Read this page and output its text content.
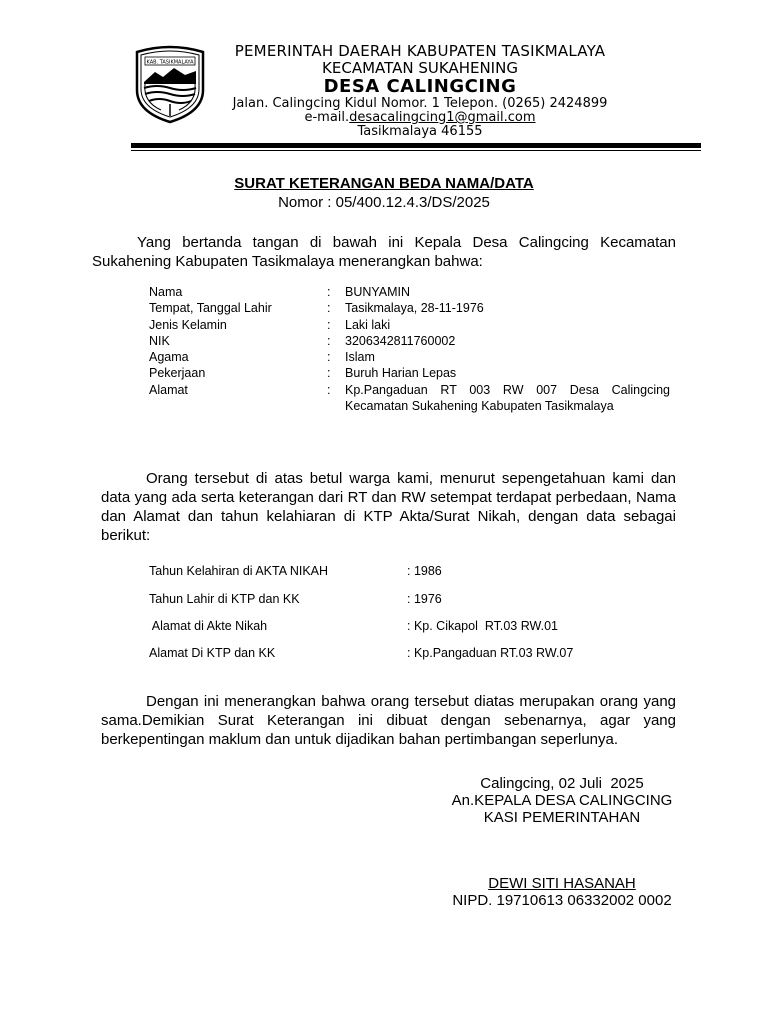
KAB. TASIKMALAYA
PEMERINTAH DAERAH KABUPATEN TASIKMALAYA
KECAMATAN SUKAHENING
DESA CALINGCING
Jalan. Calingcing Kidul Nomor. 1 Telepon. (0265) 2424899
e-mail.desacalingcing1@gmail.com
Tasikmalaya 46155
SURAT KETERANGAN BEDA NAMA/DATA
Nomor : 05/400.12.4.3/DS/2025
Yang bertanda tangan di bawah ini Kepala Desa Calingcing Kecamatan Sukahening Kabupaten Tasikmalaya menerangkan bahwa:
Nama	: BUNYAMIN
Tempat, Tanggal Lahir	: Tasikmalaya, 28-11-1976
Jenis Kelamin	: Laki laki
NIK	: 3206342811760002
Agama	: Islam
Pekerjaan	: Buruh Harian Lepas
Alamat	: Kp.Pangaduan RT 003 RW 007 Desa Calingcing Kecamatan Sukahening Kabupaten Tasikmalaya
Orang tersebut di atas betul warga kami, menurut sepengetahuan kami dan data yang ada serta keterangan dari RT dan RW setempat terdapat perbedaan, Nama dan Alamat dan tahun kelahiaran di KTP Akta/Surat Nikah, dengan data sebagai berikut:
Tahun Kelahiran di AKTA NIKAH	: 1986
Tahun Lahir di KTP dan KK	: 1976
Alamat di Akte Nikah	: Kp. Cikapol  RT.03 RW.01
Alamat Di KTP dan KK	: Kp.Pangaduan RT.03 RW.07
Dengan ini menerangkan bahwa orang tersebut diatas merupakan orang yang sama.Demikian Surat Keterangan ini dibuat dengan sebenarnya, agar yang berkepentingan maklum dan untuk dijadikan bahan pertimbangan seperlunya.
Calingcing, 02 Juli  2025
An.KEPALA DESA CALINGCING
KASI PEMERINTAHAN
DEWI SITI HASANAH
NIPD. 19710613 06332002 0002
